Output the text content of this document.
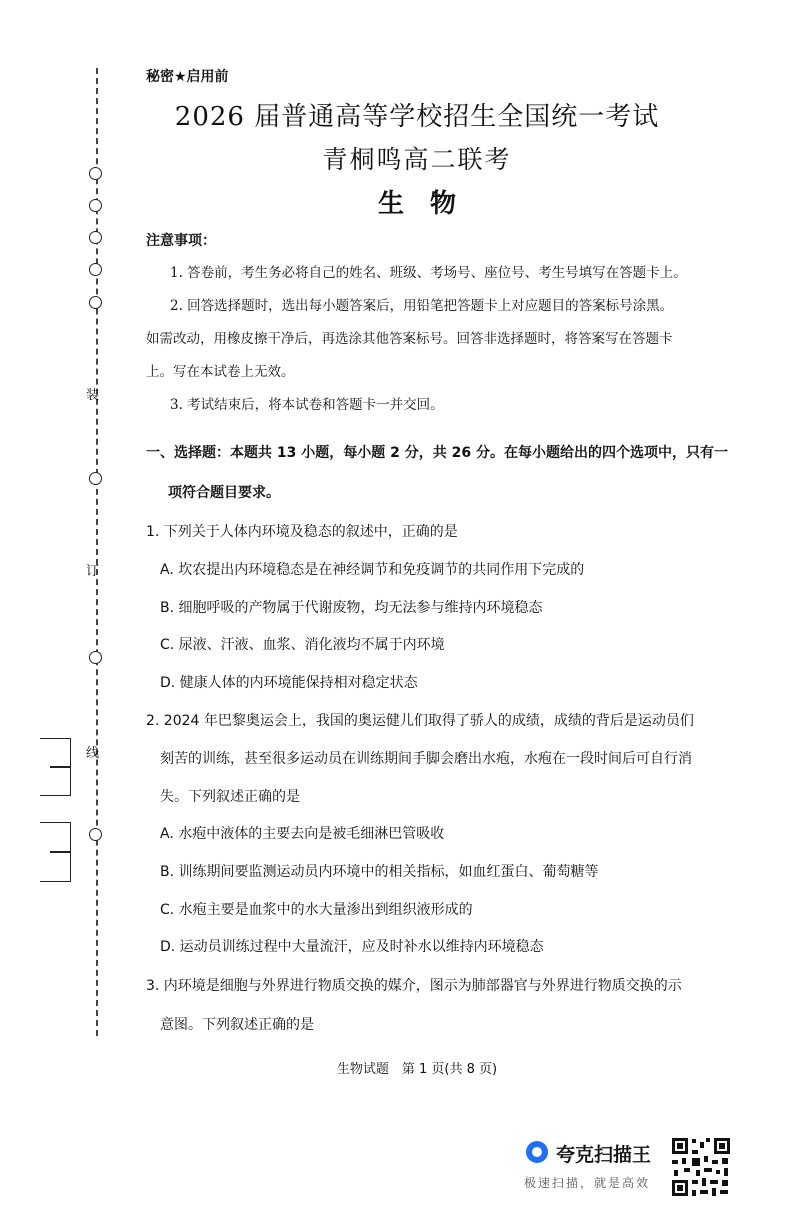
装
订
线
秘密★启用前
2026 届普通高等学校招生全国统一考试
青桐鸣高二联考
生　物
注意事项：
1. 答卷前，考生务必将自己的姓名、班级、考场号、座位号、考生号填写在答题卡上。
2. 回答选择题时，选出每小题答案后，用铅笔把答题卡上对应题目的答案标号涂黑。
如需改动，用橡皮擦干净后，再选涂其他答案标号。回答非选择题时，将答案写在答题卡
上。写在本试卷上无效。
3. 考试结束后，将本试卷和答题卡一并交回。
一、选择题：本题共 13 小题，每小题 2 分，共 26 分。在每小题给出的四个选项中，只有一
项符合题目要求。
1. 下列关于人体内环境及稳态的叙述中，正确的是
A. 坎农提出内环境稳态是在神经调节和免疫调节的共同作用下完成的
B. 细胞呼吸的产物属于代谢废物，均无法参与维持内环境稳态
C. 尿液、汗液、血浆、消化液均不属于内环境
D. 健康人体的内环境能保持相对稳定状态
2. 2024 年巴黎奥运会上，我国的奥运健儿们取得了骄人的成绩，成绩的背后是运动员们
刻苦的训练，甚至很多运动员在训练期间手脚会磨出水疱，水疱在一段时间后可自行消
失。下列叙述正确的是
A. 水疱中液体的主要去向是被毛细淋巴管吸收
B. 训练期间要监测运动员内环境中的相关指标，如血红蛋白、葡萄糖等
C. 水疱主要是血浆中的水大量渗出到组织液形成的
D. 运动员训练过程中大量流汗，应及时补水以维持内环境稳态
3. 内环境是细胞与外界进行物质交换的媒介，图示为肺部器官与外界进行物质交换的示
意图。下列叙述正确的是
生物试题　第 1 页(共 8 页)
夸克扫描王
极速扫描，就是高效
